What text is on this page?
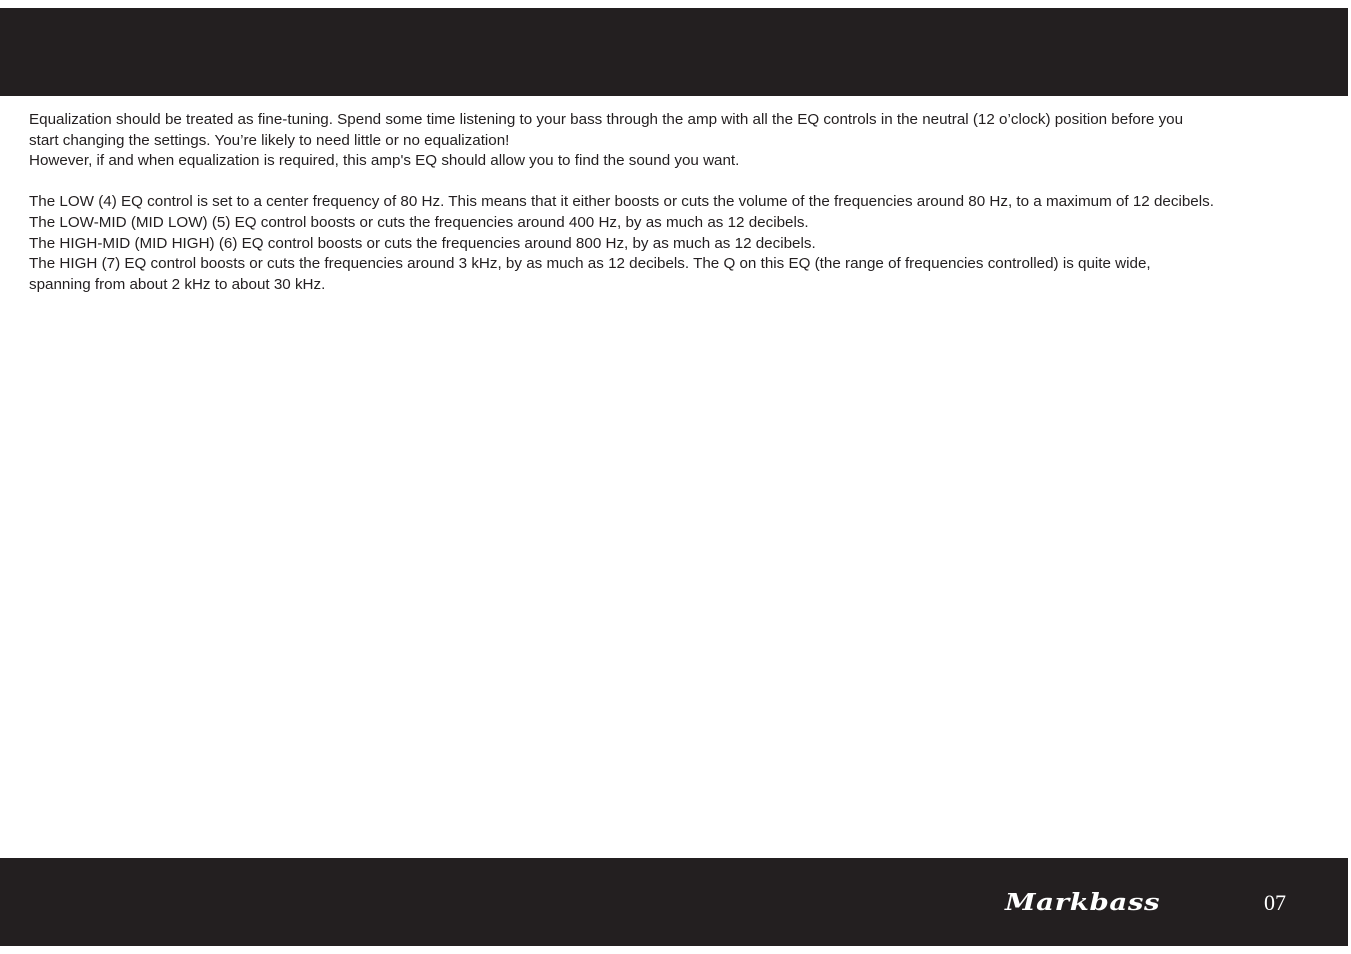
Equalization should be treated as fine-tuning. Spend some time listening to your bass through the amp with all the EQ controls in the neutral (12 o’clock) position before you

start changing the settings. You’re likely to need little or no equalization!

However, if and when equalization is required, this amp's EQ should allow you to find the sound you want.

The LOW (4) EQ control is set to a center frequency of 80 Hz. This means that it either boosts or cuts the volume of the frequencies around 80 Hz, to a maximum of 12 decibels.

The LOW-MID (MID LOW) (5) EQ control boosts or cuts the frequencies around 400 Hz, by as much as 12 decibels.

The HIGH-MID (MID HIGH) (6) EQ control boosts or cuts the frequencies around 800 Hz, by as much as 12 decibels.

The HIGH (7) EQ control boosts or cuts the frequencies around 3 kHz, by as much as 12 decibels. The Q on this EQ (the range of frequencies controlled) is quite wide,

spanning from about 2 kHz to about 30 kHz.

Markbass	07
